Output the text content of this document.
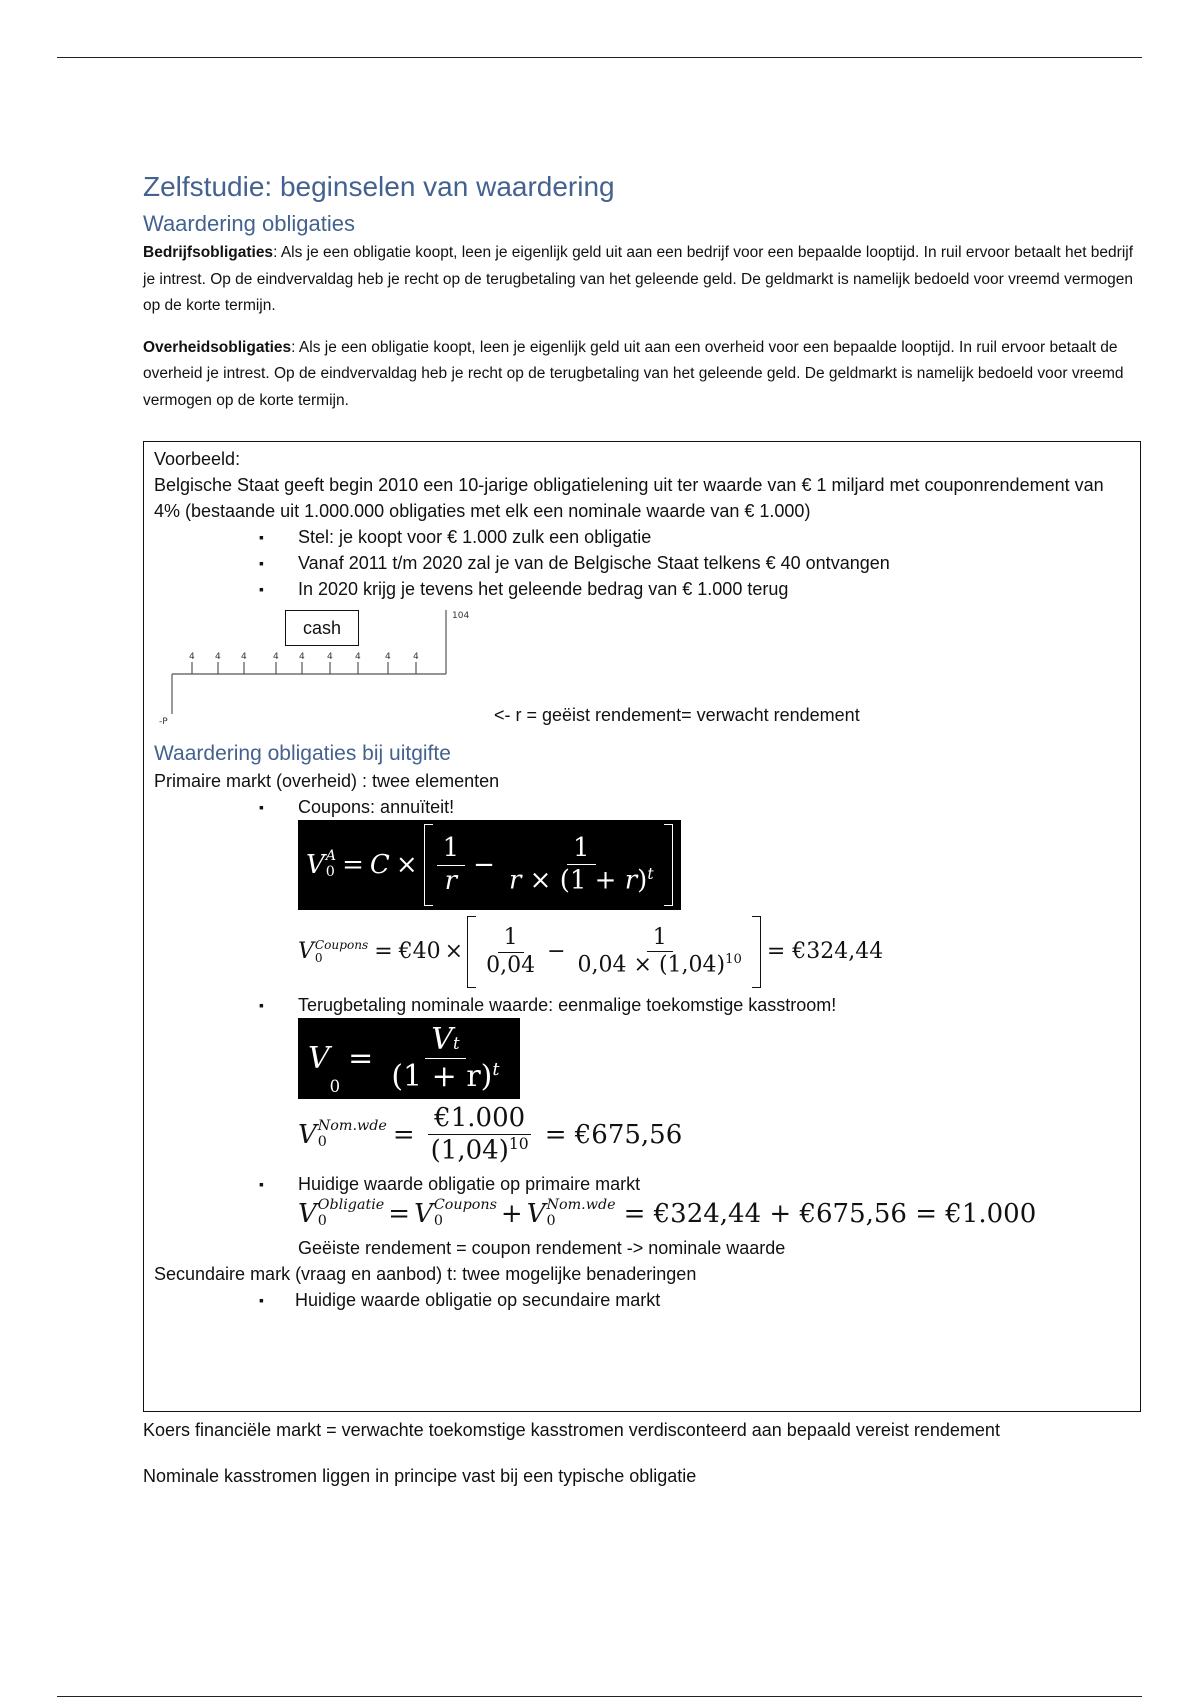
Zelfstudie: beginselen van waardering
Waardering obligaties

Bedrijfsobligaties: Als je een obligatie koopt, leen je eigenlijk geld uit aan een bedrijf voor een bepaalde looptijd. In ruil ervoor betaalt het bedrijf je intrest. Op de eindvervaldag heb je recht op de terugbetaling van het geleende geld. De geldmarkt is namelijk bedoeld voor vreemd vermogen op de korte termijn.

Overheidsobligaties: Als je een obligatie koopt, leen je eigenlijk geld uit aan een overheid voor een bepaalde looptijd. In ruil ervoor betaalt de overheid je intrest. Op de eindvervaldag heb je recht op de terugbetaling van het geleende geld. De geldmarkt is namelijk bedoeld voor vreemd vermogen op de korte termijn.

Voorbeeld:

Belgische Staat geeft begin 2010 een 10-jarige obligatielening uit ter waarde van € 1 miljard met couponrendement van 4% (bestaande uit 1.000.000 obligaties met elk een nominale waarde van € 1.000)

▪ Stel: je koopt voor € 1.000 zulk een obligatie

▪ Vanaf 2011 t/m 2020 zal je van de Belgische Staat telkens € 40 ontvangen

▪ In 2020 krijg je tevens het geleende bedrag van € 1.000 terug

4 4 4	4 4 4 4	4 4
104
-P
cash
<- r = geëist rendement= verwacht rendement
Waardering obligaties bij uitgifte

Primaire markt (overheid) : twee elementen

▪ Coupons: annuïteit!

V A
$0 = C \times \frac{1}{r} - \frac{1}{r \times (1 + r)^t}$
V Coupons
0	= €40 × $\frac{1}{0,04} - \frac{1}{0,04 \times (1,04)^{10}}$ = €324,44

▪ Terugbetaling nominale waarde: eenmalige toekomstige kasstroom!

V
0
= $\frac{Vt}{(1 + r)^t}$
V Nom.wde
0	= $\frac{€1.000}{(1,04)^{10}}$ = €675,56

▪ Huidige waarde obligatie op primaire markt

V Obligatie
0	= V Coupons
0	+ V Nom.wde
0	= €324,44 + €675,56 = €1.000

Geëiste rendement = coupon rendement -> nominale waarde

Secundaire mark (vraag en aanbod) t: twee mogelijke benaderingen

▪ Huidige waarde obligatie op secundaire markt

Koers financiële markt = verwachte toekomstige kasstromen verdisconteerd aan bepaald vereist rendement

Nominale kasstromen liggen in principe vast bij een typische obligatie
